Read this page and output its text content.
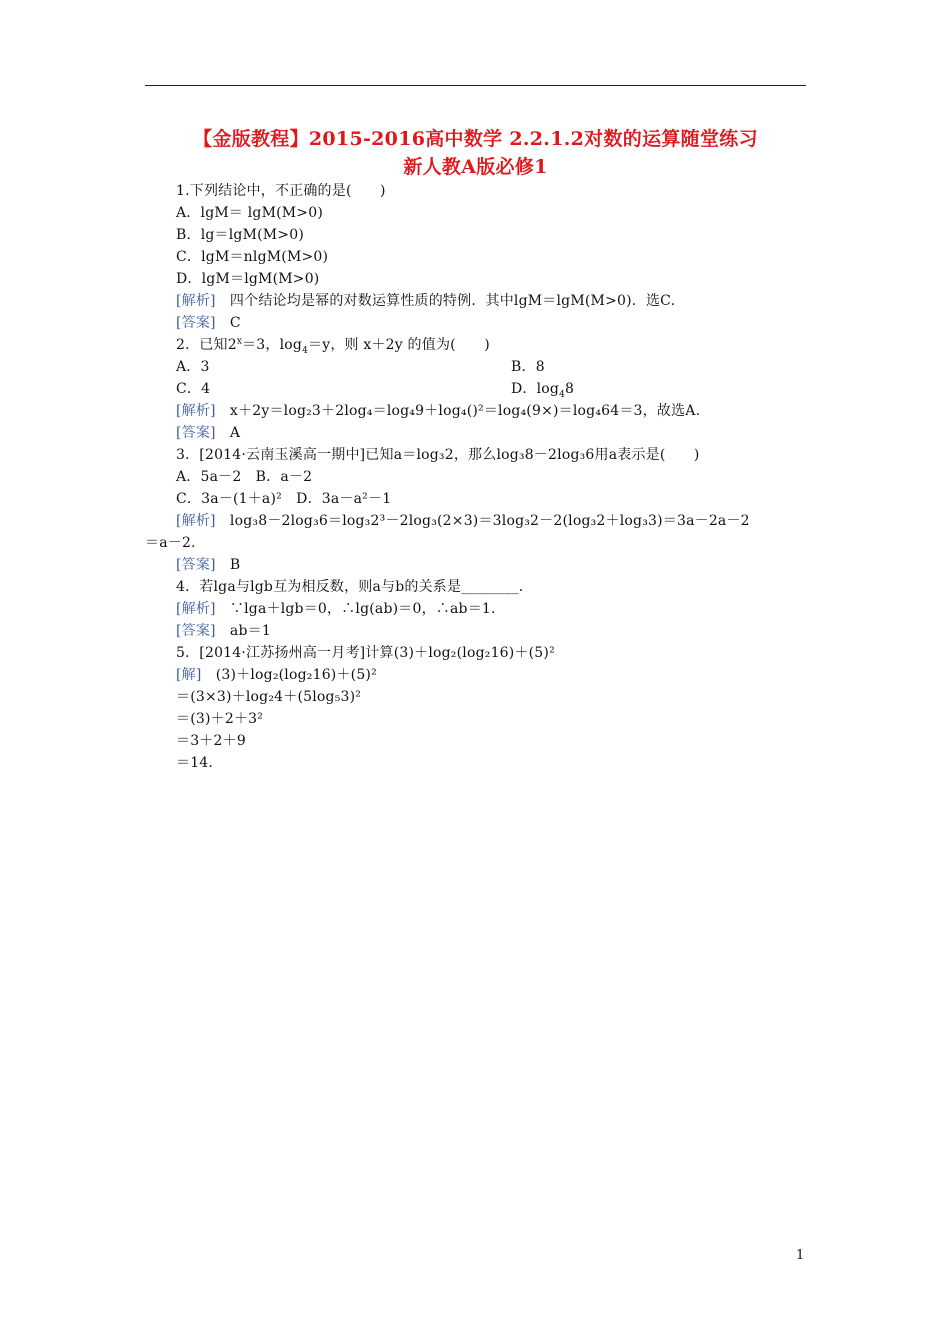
【金版教程】2015-2016高中数学 2.2.1.2对数的运算随堂练习
新人教A版必修1
1.下列结论中，不正确的是(　　)
A．lgM＝ lgM(M>0)
B．lg＝lgM(M>0)
C．lgM＝nlgM(M>0)
D．lgM＝lgM(M>0)
[解析]　四个结论均是幂的对数运算性质的特例．其中lgM＝lgM(M>0)．选C.
[答案]　C
2．已知$2^x=3$，$\log_4=y$，则 x＋2y 的值为(　　)
A．3	B．8
C．4	D．$\log_48$
[解析]　x＋2y＝log₂3＋2log₄＝log₄9＋log₄()²＝log₄(9×)＝log₄64＝3，故选A.
[答案]　A
3．[2014·云南玉溪高一期中]已知a＝log₃2，那么log₃8－2log₃6用a表示是(　　)
A．5a－2　B．a－2
C．3a－(1＋a)²　D．3a－a²－1
[解析]　log₃8－2log₃6＝log₃2³－2log₃(2×3)＝3log₃2－2(log₃2＋log₃3)＝3a－2a－2
＝a－2.
[答案]　B
4．若lga与lgb互为相反数，则a与b的关系是________．
[解析]　∵lga＋lgb＝0，∴lg(ab)＝0，∴ab＝1.
[答案]　ab＝1
5．[2014·江苏扬州高一月考]计算(3)＋log₂(log₂16)＋(5)²
[解]　(3)＋log₂(log₂16)＋(5)²
＝(3×3)＋log₂4＋(5log₅3)²
＝(3)＋2＋3²
＝3＋2＋9
＝14.
1
